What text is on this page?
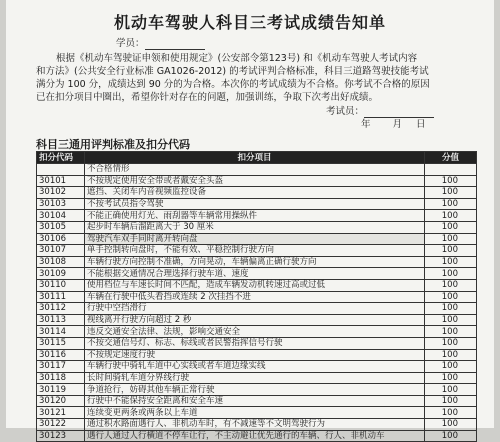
机动车驾驶人科目三考试成绩告知单
学员：
根据《机动车驾驶证申领和使用规定》(公安部令第123号) 和《机动车驾驶人考试内容
和方法》(公共安全行业标准 GA1026-2012) 的考试评判合格标准，科目三道路驾驶技能考试
满分为 100 分，成绩达到 90 分的为合格。本次你的考试成绩为不合格。你考试不合格的原因
已在扣分项目中圈出，希望你针对存在的问题，加强训练，争取下次考出好成绩。
考试员：
年 月 日
科目三通用评判标准及扣分代码
扣分代码	扣分项目	分值
	不合格情形	
30101	不按规定使用安全带或者戴安全头盔	100
30102	遮挡、关闭车内音视频监控设备	100
30103	不按考试员指令驾驶	100
30104	不能正确使用灯光、雨刮器等车辆常用操纵件	100
30105	起步时车辆后溜距离大于 30 厘米	100
30106	驾驶汽车双手同时离开转向盘	100
30107	单手控制转向盘时，不能有效、平稳控制行驶方向	100
30108	车辆行驶方向控制不准确，方向晃动，车辆偏离正确行驶方向	100
30109	不能根据交通情况合理选择行驶车道、速度	100
30110	使用档位与车速长时间不匹配，造成车辆发动机转速过高或过低	100
30111	车辆在行驶中低头看挡或连续 2 次挂挡不进	100
30112	行驶中空挡滑行	100
30113	视线离开行驶方向超过 2 秒	100
30114	违反交通安全法律、法规，影响交通安全	100
30115	不按交通信号灯、标志、标线或者民警指挥信号行驶	100
30116	不按规定速度行驶	100
30117	车辆行驶中骑轧车道中心实线或者车道边缘实线	100
30118	长时间骑轧车道分界线行驶	100
30119	争道抢行，妨碍其他车辆正常行驶	100
30120	行驶中不能保持安全距离和安全车速	100
30121	连续变更两条或两条以上车道	100
30122	通过积水路面遇行人、非机动车时，有不减速等不文明驾驶行为	100
30123	遇行人通过人行横道不停车让行，不主动避让优先通行的车辆、行人、非机动车	100
